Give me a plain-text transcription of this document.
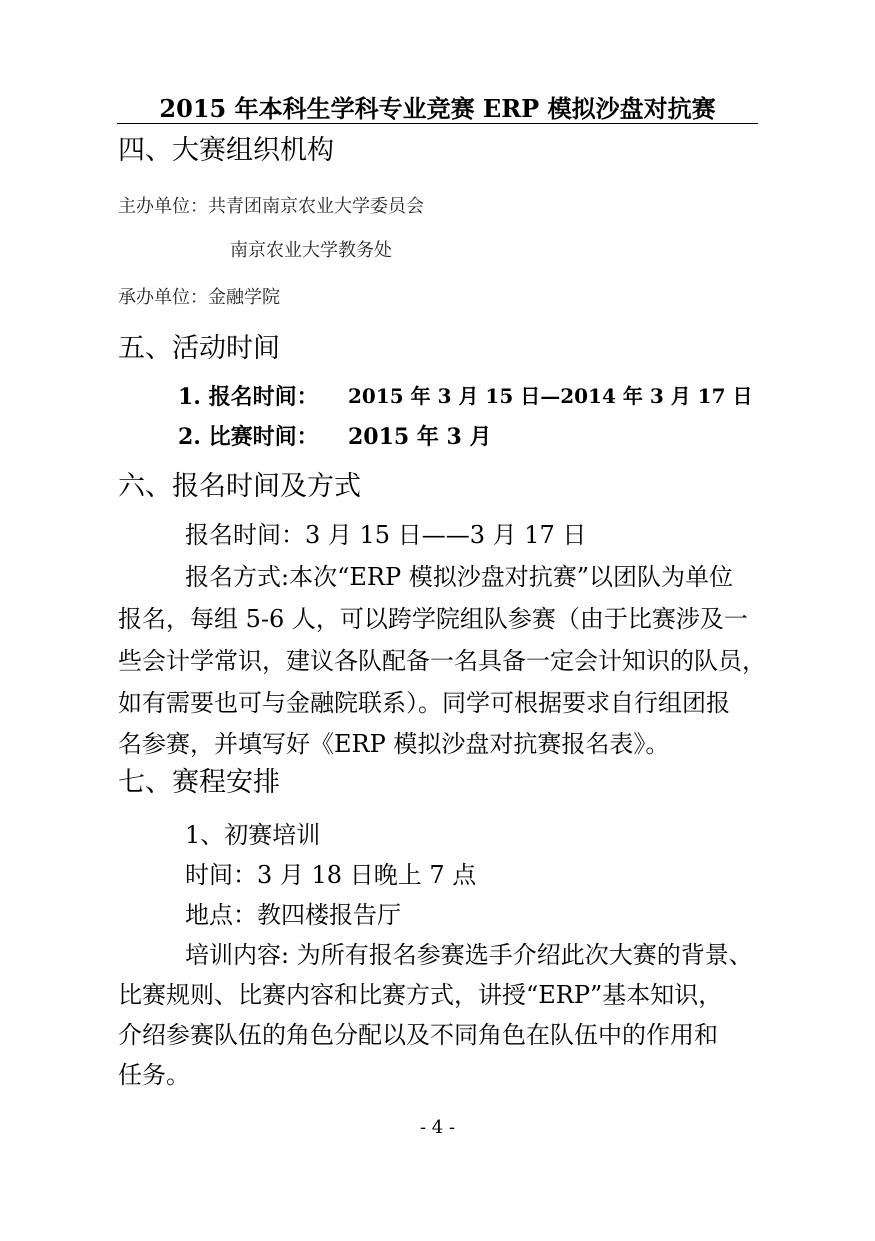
2015 年本科生学科专业竞赛 ERP 模拟沙盘对抗赛
四、大赛组织机构
主办单位：共青团南京农业大学委员会
南京农业大学教务处
承办单位：金融学院
五、活动时间
1. 报名时间： 2015 年 3 月 15 日—2014 年 3 月 17 日
2. 比赛时间： 2015 年 3 月
六、报名时间及方式
报名时间：3 月 15 日——3 月 17 日
报名方式:本次“ERP 模拟沙盘对抗赛”以团队为单位
报名，每组 5-6 人，可以跨学院组队参赛（由于比赛涉及一
些会计学常识，建议各队配备一名具备一定会计知识的队员，
如有需要也可与金融院联系）。同学可根据要求自行组团报
名参赛，并填写好《ERP 模拟沙盘对抗赛报名表》。
七、赛程安排
1、初赛培训
时间：3 月 18 日晚上 7 点
地点：教四楼报告厅
培训内容: 为所有报名参赛选手介绍此次大赛的背景、
比赛规则、比赛内容和比赛方式，讲授“ERP”基本知识，
介绍参赛队伍的角色分配以及不同角色在队伍中的作用和
任务。
- 4 -
